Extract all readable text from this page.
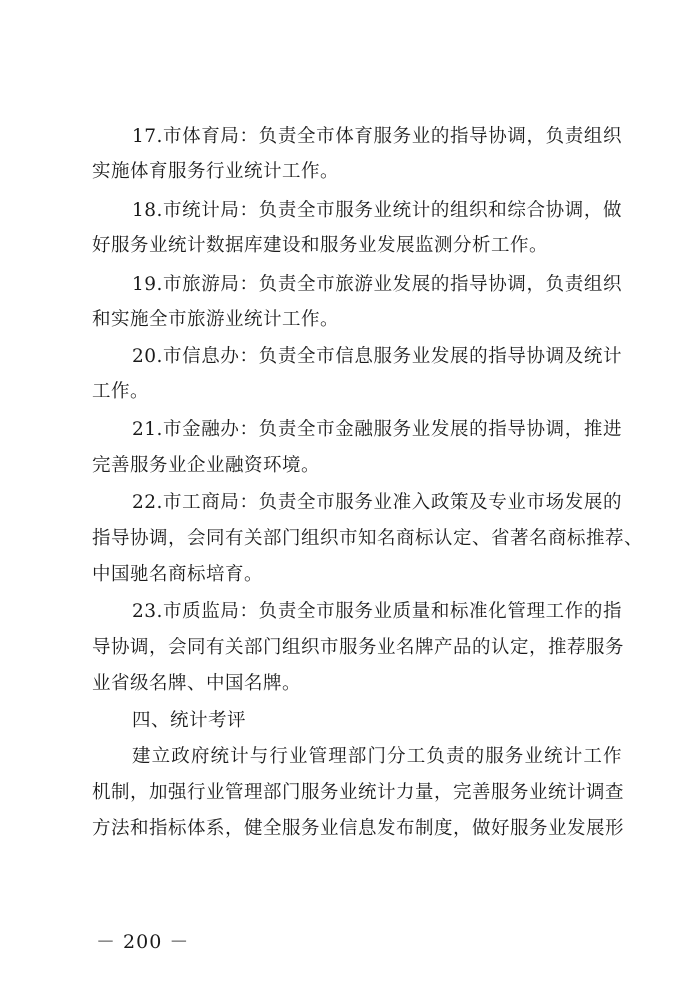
17.市体育局：负责全市体育服务业的指导协调，负责组织
实施体育服务行业统计工作。
18.市统计局：负责全市服务业统计的组织和综合协调，做
好服务业统计数据库建设和服务业发展监测分析工作。
19.市旅游局：负责全市旅游业发展的指导协调，负责组织
和实施全市旅游业统计工作。
20.市信息办：负责全市信息服务业发展的指导协调及统计
工作。
21.市金融办：负责全市金融服务业发展的指导协调，推进
完善服务业企业融资环境。
22.市工商局：负责全市服务业准入政策及专业市场发展的
指导协调，会同有关部门组织市知名商标认定、省著名商标推荐、
中国驰名商标培育。
23.市质监局：负责全市服务业质量和标准化管理工作的指
导协调，会同有关部门组织市服务业名牌产品的认定，推荐服务
业省级名牌、中国名牌。
四、统计考评
建立政府统计与行业管理部门分工负责的服务业统计工作
机制，加强行业管理部门服务业统计力量，完善服务业统计调查
方法和指标体系，健全服务业信息发布制度，做好服务业发展形
－ 200 －
